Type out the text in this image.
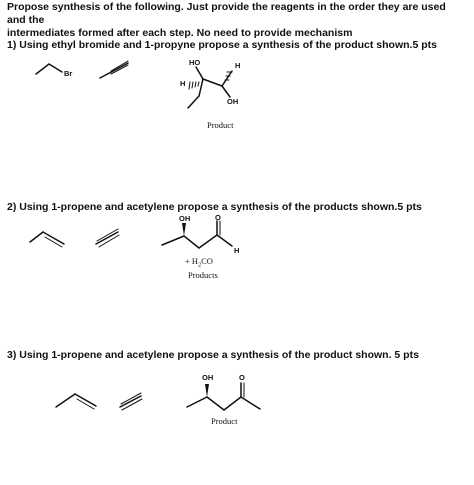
Propose synthesis of the following. Just provide the reagents in the order they are used and the
intermediates formed after each step. No need to provide mechanism
1) Using ethyl bromide and 1-propyne propose a synthesis of the product shown.5 pts
2) Using 1-propene and acetylene propose a synthesis of the products shown.5 pts
3) Using 1-propene and acetylene propose a synthesis of the product shown. 5 pts
Br
HO	H
H
OH
Product
OH	O
H
+ $H_2CO$
Products
OH	O
Product
